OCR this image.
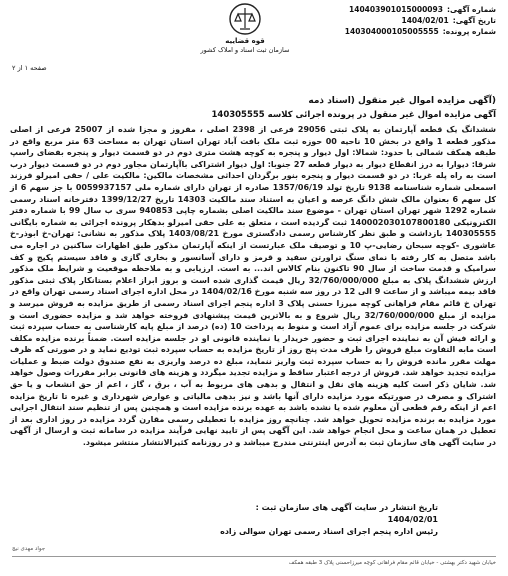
شماره آگهی:
140403901015000093
تاریخ آگهی:
1404/02/01
شماره پرونده:
140304000105005555
قوه قضاییه
سازمان ثبت اسناد و املاک کشور
صفحه ۱ از ۲
(آگهی مزایده اموال غیر منقول (اسناد ذمه
آگهی مزایده اموال غیر منقول در پرونده اجرائی کلاسه 140305555

ششدانگ یک قطعه آپارتمان به پلاک ثبتی 29056 فرعی از 2398 اصلی ، مفروز و مجزا شده از 25007 فرعی از اصلی مذکور قطعه 1 واقع در بخش 10 ناحیه 00 حوزه ثبت ملک بافت آباد تهران استان تهران به مساحت 63 متر مربع واقع در طبقه همکف شمالی با حدود: شمالا: اول دیوار و پنجره به کوچه هشت متری دوم در دو قسمت دیوار و پنجره بفضای راسپ شرقا: دیوارا به درز انقطاع دیوار به دیوار قطعه 27 جنوبا: اول دیوار اشتراکی باآپارتمان مجاور دوم در دو قسمت دیوار درب است به راه پله غربا: در دو قسمت دیوار و پنجره بنور برگردان احداثی مشخصات مالکین: مالکیت علی / حقی امیرلو فرزند اسمعلی شماره شناسنامه 9138 تاریخ تولد 1357/06/19 صادره از تهران دارای شماره ملی 0059937157 با جز سهم 6 از کل سهم 6 بعنوان مالک شش دانگ عرصه و اعیان به استناد سند مالکیت 14303 تاریخ 1399/12/27 دفترخانه اسناد رسمی شماره 1292 شهر تهران استان تهران - موضوع سند مالکیت اصلی بشماره چاپی 940853 سری ب سال 99 با شماره دفتر الکترونیکی 140002030107800180 ثبت گردیده است ، متعلق به علی حقی امیرلو بدهکار پرونده اجرائی به شماره بایگانی 140305555 بازداشت و طبق نظر کارشناس رسمی دادگستری مورخ 1403/08/21 پلاک مذکور به نشانی: تهران-خ ابوذر-خ عاشوری -کوچه سبحان رضایی-پ 10 و توصیف ملک عبارتست از اینکه آپارتمان مذکور طبق اظهارات ساکنین در اجاره می باشد متصل به کار رفته با نمای سنگ تراورتن سفید و قرمز و دارای آسانسور و بخاری گازی و فاقد سیستم پکیج و کف سرامیک و قدمت ساخت از سال 90 تاکنون بنام کالاس اند... به است. ارزیابی و به ملاحظه موقعیت و شرایط ملک مذکور ارزش ششدانگ پلاک به مبلغ 32/760/000/000 ریال قیمت گذاری شده است و بروز ابراز اعلام بستانکار پلاک ثبتی مذکور فاقد بیمه میباشد و از ساعت 9 الی 12 در روز سه شنبه مورخ 1404/02/16 در محل اداره اجرای اسناد رسمی تهران واقع در تهران خ قائم مقام فراهانی کوچه میرزا حسنی پلاک 3 اداره پنجم اجرای اسناد رسمی از طریق مزایده به فروش میرسد و مزایده از مبلغ 32/760/000/000 ریال شروع و به بالاترین قیمت پیشنهادی فروخته خواهد شد و مزایده حضوری است و شرکت در جلسه مزایده برای عموم آزاد است و منوط به پرداخت 10 (ده) درصد از مبلغ پایه کارشناسی به حساب سپرده ثبت و ارائه فیش آن به نماینده اجرای ثبت و حضور خریدار یا نماینده قانونی او در جلسه مزایده است. ضمناً برنده مزایده مکلف است مابه التفاوت مبلغ فروش را ظرف مدت پنج روز از تاریخ مزایده به حساب سپرده ثبت تودیع نماید و در صورتی که ظرف مهلت مقرر مانده فروش را به حساب سپرده ثبت واریز ننماید، مبلغ ده درصد واریزی به نفع صندوق دولت ضبط و عملیات مزایده تجدید خواهد شد. فروش از درجه اعتبار ساقط و مزایده تجدید میگردد و هزینه های قانونی برابر مقررات وصول خواهد شد. شایان ذکر است کلیه هزینه های نقل و انتقال و بدهی های مربوط به آب ، برق ، گاز ، اعم از حق انشعاب و یا حق اشتراک و مصرف در صورتیکه مورد مزایده دارای آنها باشد و نیز بدهی مالیاتی و عوارض شهرداری و غیره تا تاریخ مزایده اعم از اینکه رقم قطعی آن معلوم شده یا نشده باشد به عهده برنده مزایده است و همچنین پس از تنظیم سند انتقال اجرایی مورد مزایده به برنده مزایده تحویل خواهد شد. چنانچه روز مزایده با تعطیلی رسمی مقارن گردد مزایده در روز اداری بعد از تعطیل در همان ساعت و محل انجام خواهد شد. این آگهی پس از تایید نهایی فرآیند مزایده در سامانه ثبت و ارسال از آگهی در سایت آگهی های سازمان ثبت به آدرس اینترنتی مندرج میباشد و در روزنامه کثیرالانتشار منتشر میشود.

تاریخ انتشار در سایت آگهی های سازمان ثبت :
1404/02/01
رئیس اداره پنجم اجرای اسناد رسمی تهران سوالی زاده
جواد مهدی نیچ
خیابان شهید دکتر بهشتی - خیابان قائم مقام فراهانی کوچه میرزاحسنی پلاک 3 طبقه همکف
